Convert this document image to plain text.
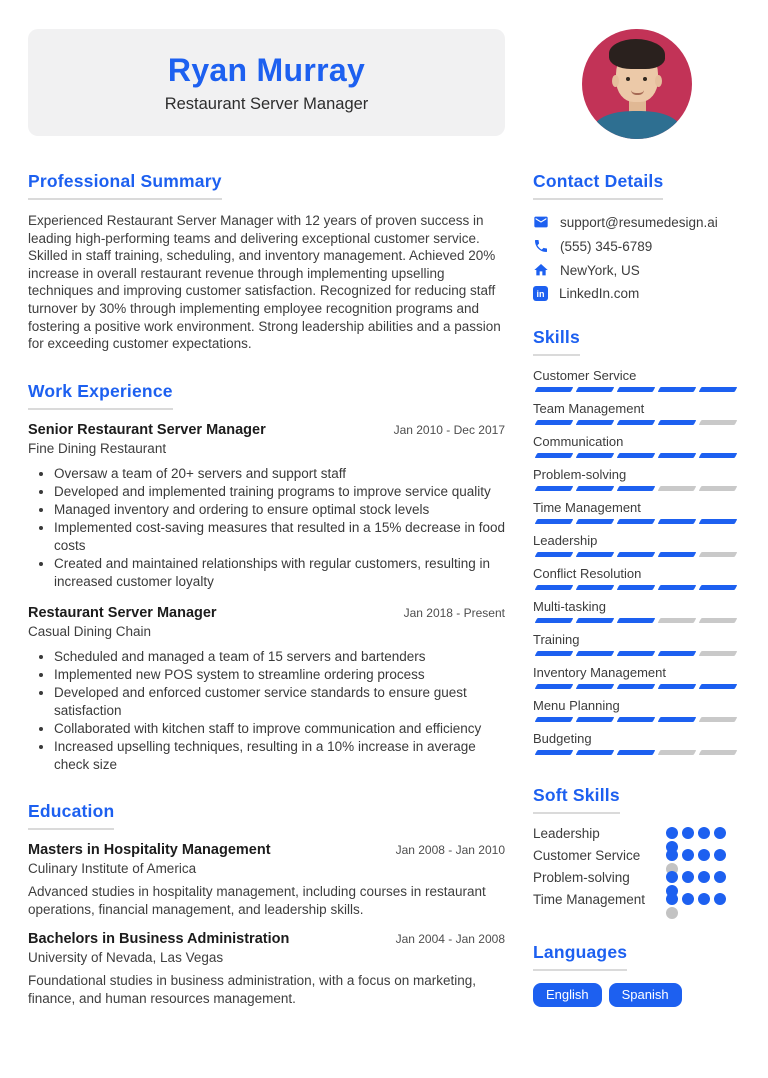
Ryan Murray
Restaurant Server Manager
Professional Summary

Experienced Restaurant Server Manager with 12 years of proven success in leading high-performing teams and delivering exceptional customer service. Skilled in staff training, scheduling, and inventory management. Achieved 20% increase in overall restaurant revenue through implementing upselling techniques and improving customer satisfaction. Recognized for reducing staff turnover by 30% through implementing employee recognition programs and fostering a positive work environment. Strong leadership abilities and a passion for exceeding customer expectations.

Work Experience
Senior Restaurant Server Manager	Jan 2010 - Dec 2017
Fine Dining Restaurant
• Oversaw a team of 20+ servers and support staff
• Developed and implemented training programs to improve service quality
• Managed inventory and ordering to ensure optimal stock levels
• Implemented cost-saving measures that resulted in a 15% decrease in food costs
• Created and maintained relationships with regular customers, resulting in increased customer loyalty
Restaurant Server Manager	Jan 2018 - Present
Casual Dining Chain
• Scheduled and managed a team of 15 servers and bartenders
• Implemented new POS system to streamline ordering process
• Developed and enforced customer service standards to ensure guest satisfaction
• Collaborated with kitchen staff to improve communication and efficiency
• Increased upselling techniques, resulting in a 10% increase in average check size
Education
Masters in Hospitality Management	Jan 2008 - Jan 2010
Culinary Institute of America

Advanced studies in hospitality management, including courses in restaurant operations, financial management, and leadership skills.

Bachelors in Business Administration	Jan 2004 - Jan 2008
University of Nevada, Las Vegas

Foundational studies in business administration, with a focus on marketing, finance, and human resources management.

Contact Details
support@resumedesign.ai
(555) 345-6789
NewYork, US
in LinkedIn.com
Skills
Customer Service
Team Management
Communication
Problem-solving
Time Management
Leadership
Conflict Resolution
Multi-tasking
Training
Inventory Management
Menu Planning
Budgeting
Soft Skills
Leadership
Customer Service
Problem-solving
Time Management
Languages
English	Spanish
